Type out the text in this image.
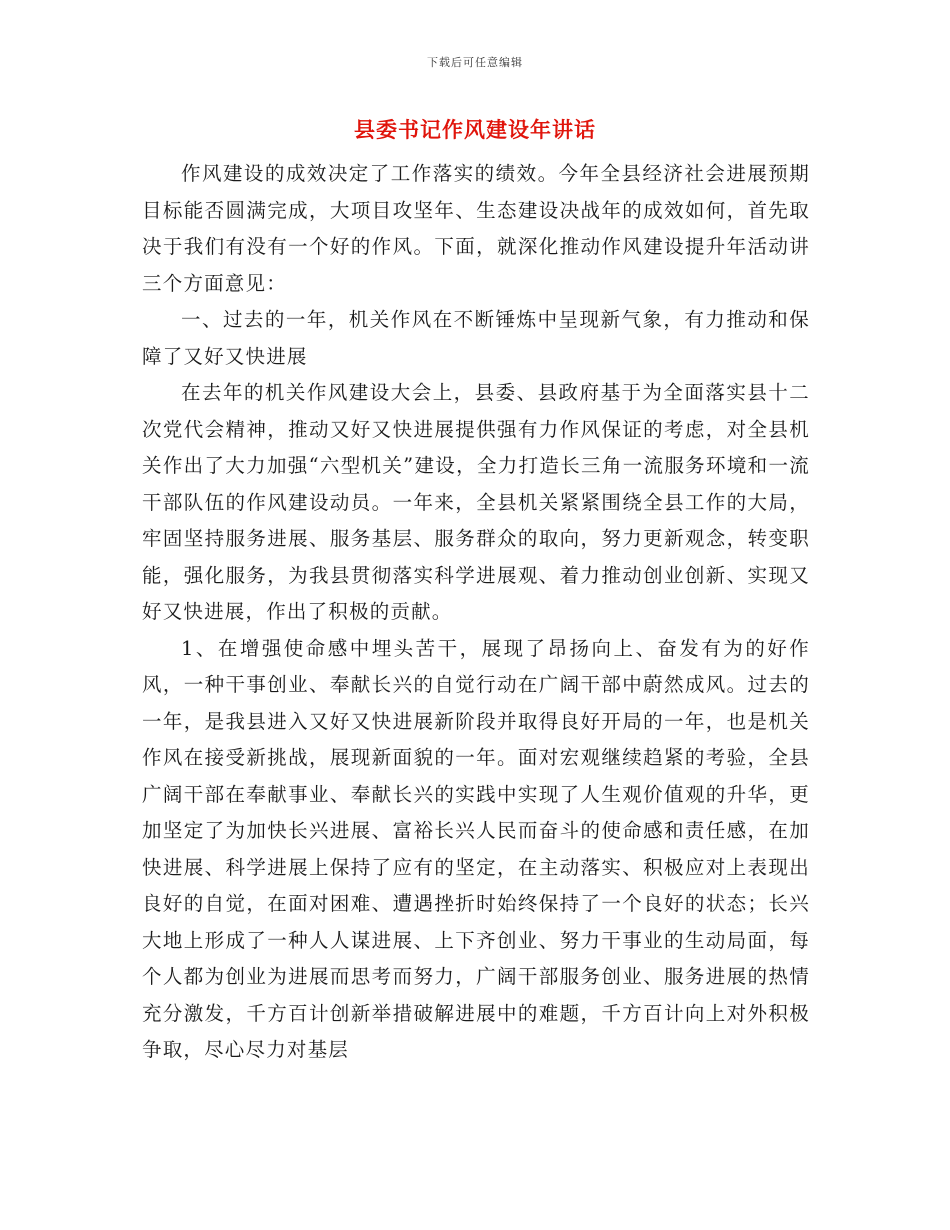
下载后可任意编辑
县委书记作风建设年讲话

作风建设的成效决定了工作落实的绩效。今年全县经济社会进展预期目标能否圆满完成，大项目攻坚年、生态建设决战年的成效如何，首先取决于我们有没有一个好的作风。下面，就深化推动作风建设提升年活动讲三个方面意见：

一、过去的一年，机关作风在不断锤炼中呈现新气象，有力推动和保障了又好又快进展

在去年的机关作风建设大会上，县委、县政府基于为全面落实县十二次党代会精神，推动又好又快进展提供强有力作风保证的考虑，对全县机关作出了大力加强“六型机关”建设，全力打造长三角一流服务环境和一流干部队伍的作风建设动员。一年来，全县机关紧紧围绕全县工作的大局，牢固坚持服务进展、服务基层、服务群众的取向，努力更新观念，转变职能，强化服务，为我县贯彻落实科学进展观、着力推动创业创新、实现又好又快进展，作出了积极的贡献。

1、在增强使命感中埋头苦干，展现了昂扬向上、奋发有为的好作风，一种干事创业、奉献长兴的自觉行动在广阔干部中蔚然成风。过去的一年，是我县进入又好又快进展新阶段并取得良好开局的一年，也是机关作风在接受新挑战，展现新面貌的一年。面对宏观继续趋紧的考验，全县广阔干部在奉献事业、奉献长兴的实践中实现了人生观价值观的升华，更加坚定了为加快长兴进展、富裕长兴人民而奋斗的使命感和责任感，在加快进展、科学进展上保持了应有的坚定，在主动落实、积极应对上表现出良好的自觉，在面对困难、遭遇挫折时始终保持了一个良好的状态；长兴大地上形成了一种人人谋进展、上下齐创业、努力干事业的生动局面，每个人都为创业为进展而思考而努力，广阔干部服务创业、服务进展的热情充分激发，千方百计创新举措破解进展中的难题，千方百计向上对外积极争取，尽心尽力对基层
